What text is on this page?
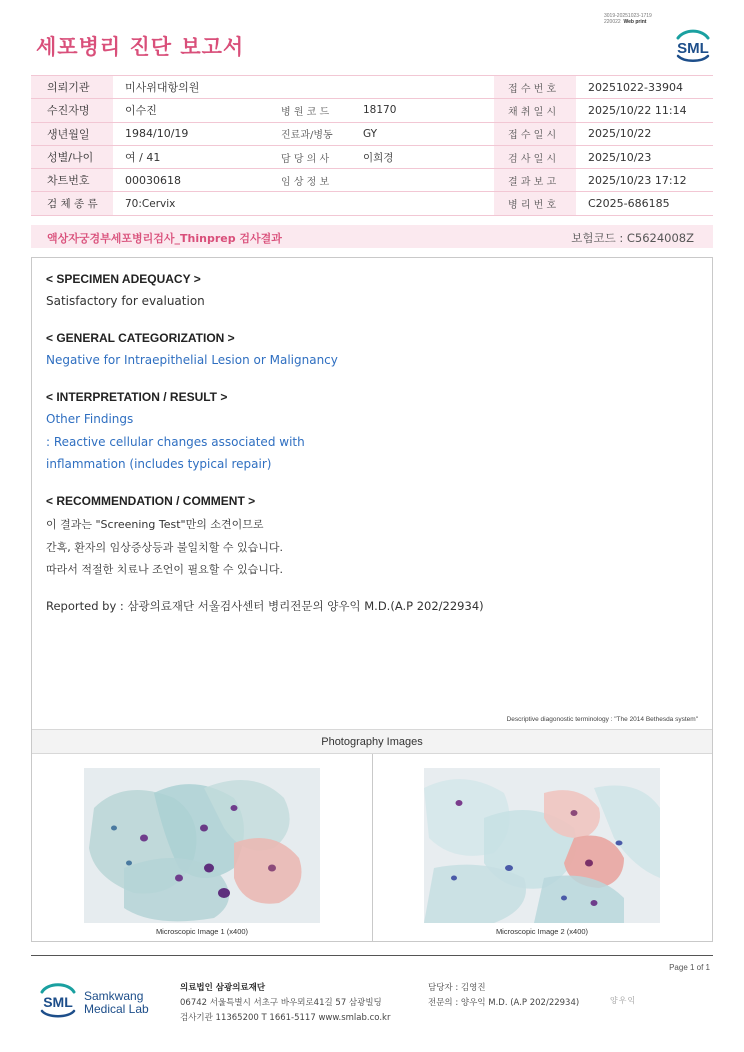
3019-20251023-1719
220022 Web print
세포병리 진단 보고서	SML
의뢰기관	미사위대항의원			접 수 번 호	20251022-33904
수진자명	이수진	병 원 코 드	18170	채 취 일 시	2025/10/22 11:14
생년월일	1984/10/19	진료과/병동	GY	접 수 일 시	2025/10/22
성별/나이	여 / 41	담 당 의 사	이희경	검 사 일 시	2025/10/23
차트번호	00030618	임 상 정 보		결 과 보 고	2025/10/23 17:12
검 체 종 류	70:Cervix			병 리 번 호	C2025-686185
액상자궁경부세포병리검사_Thinprep 검사결과	보험코드 : C5624008Z
< SPECIMEN ADEQUACY >
Satisfactory for evaluation
< GENERAL CATEGORIZATION >
Negative for Intraepithelial Lesion or Malignancy
< INTERPRETATION / RESULT >
Other Findings
: Reactive cellular changes associated with
inflammation (includes typical repair)
< RECOMMENDATION / COMMENT >
이 결과는 "Screening Test"만의 소견이므로
간혹, 환자의 임상증상등과 불일치할 수 있습니다.
따라서 적절한 치료나 조언이 필요할 수 있습니다.
Reported by : 삼광의료재단 서울검사센터 병리전문의 양우익 M.D.(A.P 202/22934)
Descriptive diagonostic terminology : "The 2014 Bethesda system"
Photography Images
Microscopic Image 1 (x400)	Microscopic Image 2 (x400)
Page 1 of 1
SML Samkwang
Medical Lab
의료법인 삼광의료재단
06742 서울특별시 서초구 바우뫼로41길 57 삼광빌딩
검사기관 11365200 T 1661-5117 www.smlab.co.kr
담당자 : 김영진
전문의 : 양우익 M.D. (A.P 202/22934)	양우익
